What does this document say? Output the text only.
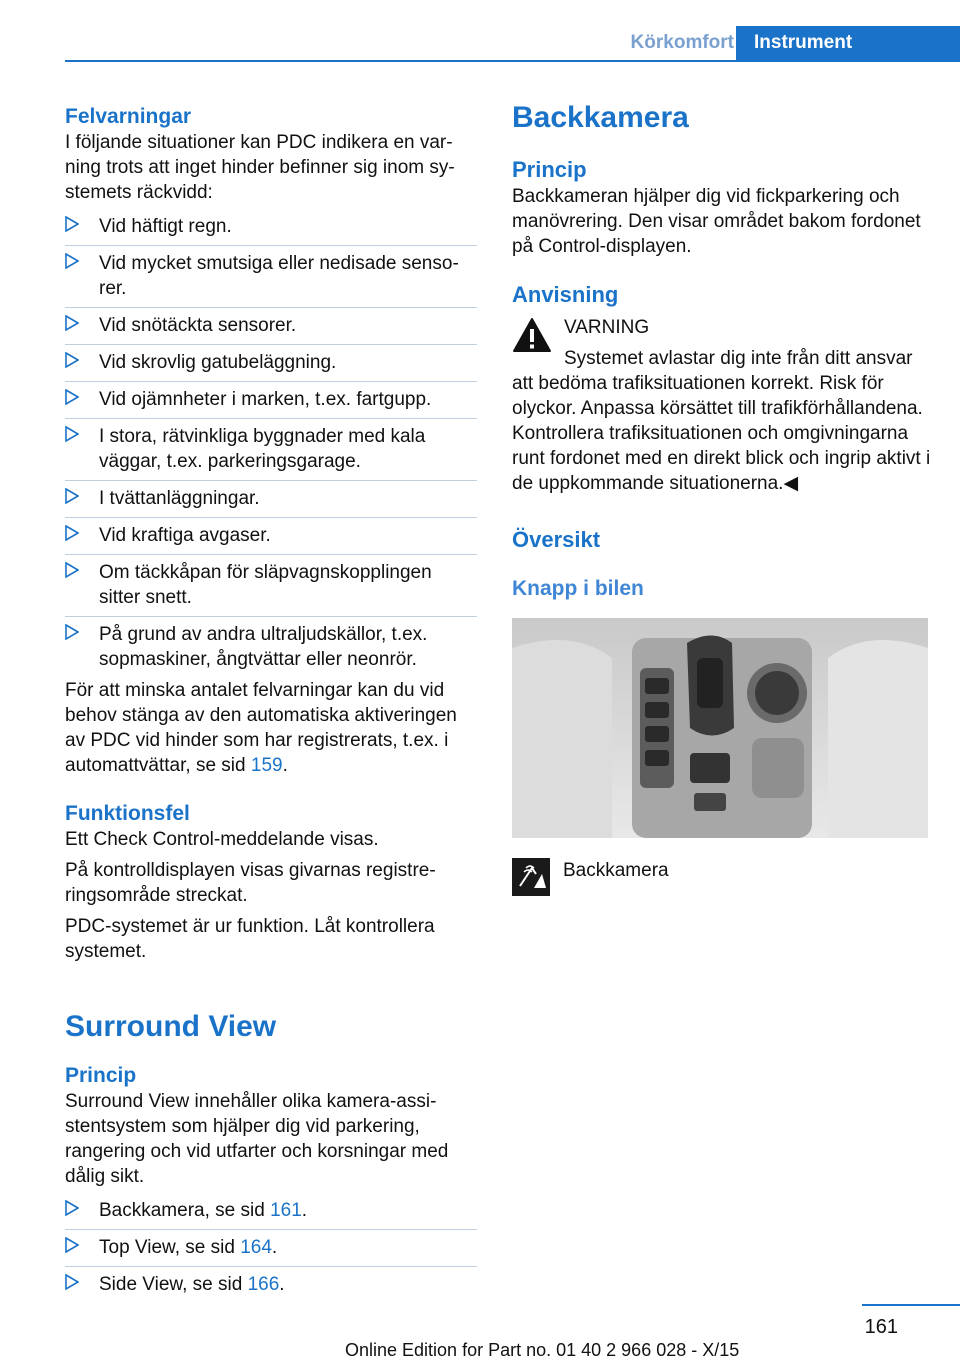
Körkomfort	Instrument
Felvarningar

I följande situationer kan PDC indikera en varning trots att inget hinder befinner sig inom systemets räckvidd:

Vid häftigt regn.
Vid mycket smutsiga eller nedisade sensorer.
Vid snötäckta sensorer.
Vid skrovlig gatubeläggning.
Vid ojämnheter i marken, t.ex. fartgupp.
I stora, rätvinkliga byggnader med kala väggar, t.ex. parkeringsgarage.
I tvättanläggningar.
Vid kraftiga avgaser.
Om täckkåpan för släpvagnskopplingen sitter snett.
På grund av andra ultraljudskällor, t.ex. sopmaskiner, ångtvättar eller neonrör.

För att minska antalet felvarningar kan du vid behov stänga av den automatiska aktiveringen av PDC vid hinder som har registrerats, t.ex. i automattvättar, se sid 159.

Funktionsfel

Ett Check Control-meddelande visas.

På kontrolldisplayen visas givarnas registreringsområde streckat.

PDC-systemet är ur funktion. Låt kontrollera systemet.

Surround View
Princip

Surround View innehåller olika kamera-assistentsystem som hjälper dig vid parkering, rangering och vid utfarter och korsningar med dålig sikt.

Backkamera, se sid 161.
Top View, se sid 164.
Side View, se sid 166.
Backkamera
Princip

Backkameran hjälper dig vid fickparkering och manövrering. Den visar området bakom fordonet på Control-displayen.

Anvisning

VARNING

Systemet avlastar dig inte från ditt ansvar

att bedöma trafiksituationen korrekt. Risk för olyckor. Anpassa körsättet till trafikförhållandena. Kontrollera trafiksituationen och omgivningarna runt fordonet med en direkt blick och ingrip aktivt i de uppkommande situationerna.◀

Översikt
Knapp i bilen

Backkamera

161
Online Edition for Part no. 01 40 2 966 028 - X/15
